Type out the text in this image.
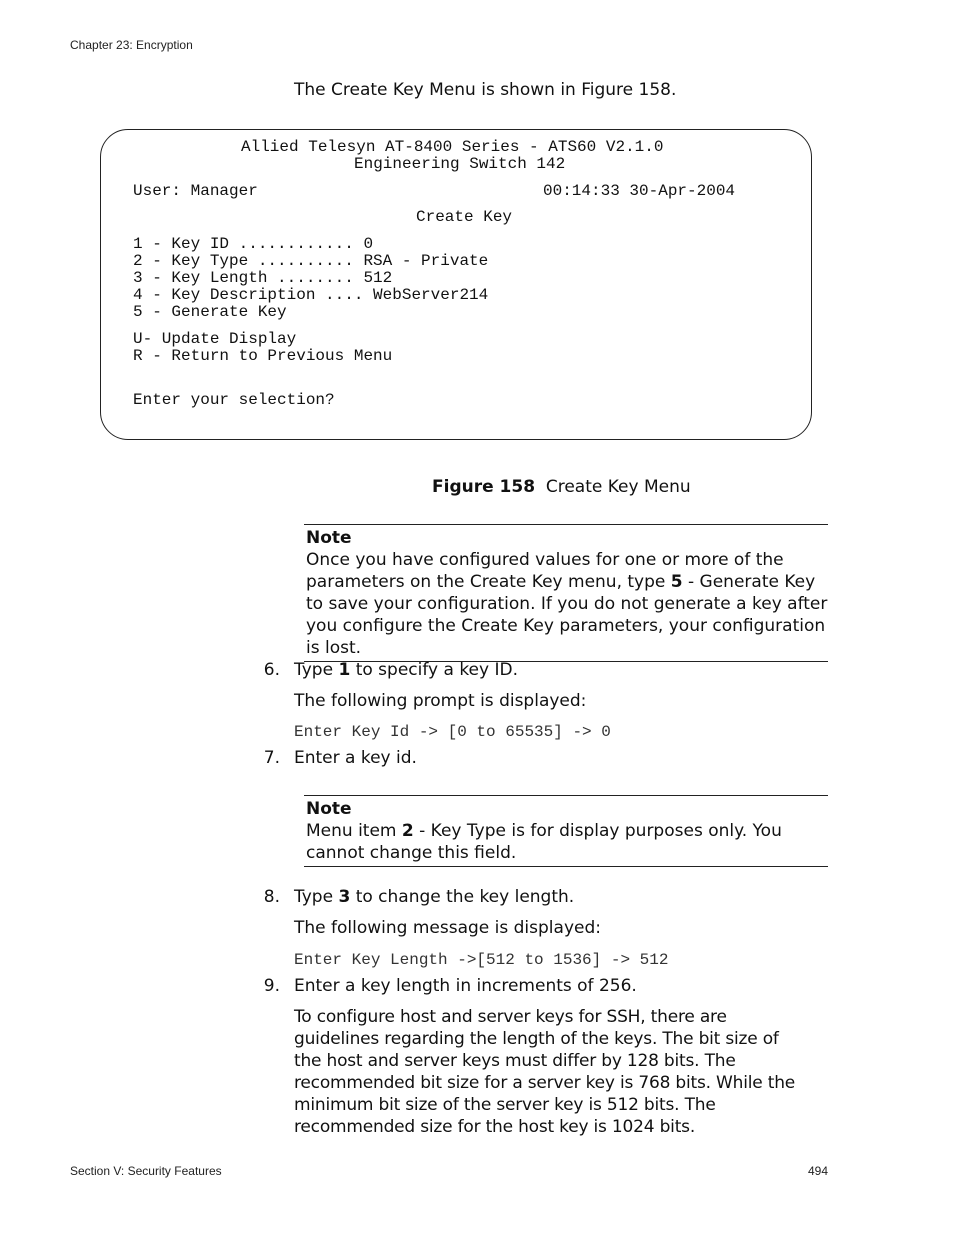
Chapter 23: Encryption
The Create Key Menu is shown in Figure 158.
Allied Telesyn AT-8400 Series - ATS60 V2.1.0
Engineering Switch 142
User: Manager	00:14:33 30-Apr-2004
Create Key
1 - Key ID ............ 0
2 - Key Type .......... RSA - Private
3 - Key Length ........ 512
4 - Key Description .... WebServer214
5 - Generate Key
U- Update Display
R - Return to Previous Menu
Enter your selection?
Figure 158 Create Key Menu
Note
Once you have configured values for one or more of the parameters on the Create Key menu, type 5 - Generate Key to save your configuration. If you do not generate a key after you configure the Create Key parameters, your configuration is lost.
6. Type 1 to specify a key ID.
The following prompt is displayed:
Enter Key Id -> [0 to 65535] -> 0
7. Enter a key id.
Note
Menu item 2 - Key Type is for display purposes only. You cannot change this field.
8. Type 3 to change the key length.
The following message is displayed:
Enter Key Length ->[512 to 1536] -> 512
9. Enter a key length in increments of 256.
To configure host and server keys for SSH, there are guidelines regarding the length of the keys. The bit size of the host and server keys must differ by 128 bits. The recommended bit size for a server key is 768 bits. While the minimum bit size of the server key is 512 bits. The recommended size for the host key is 1024 bits.
Section V: Security Features	494
